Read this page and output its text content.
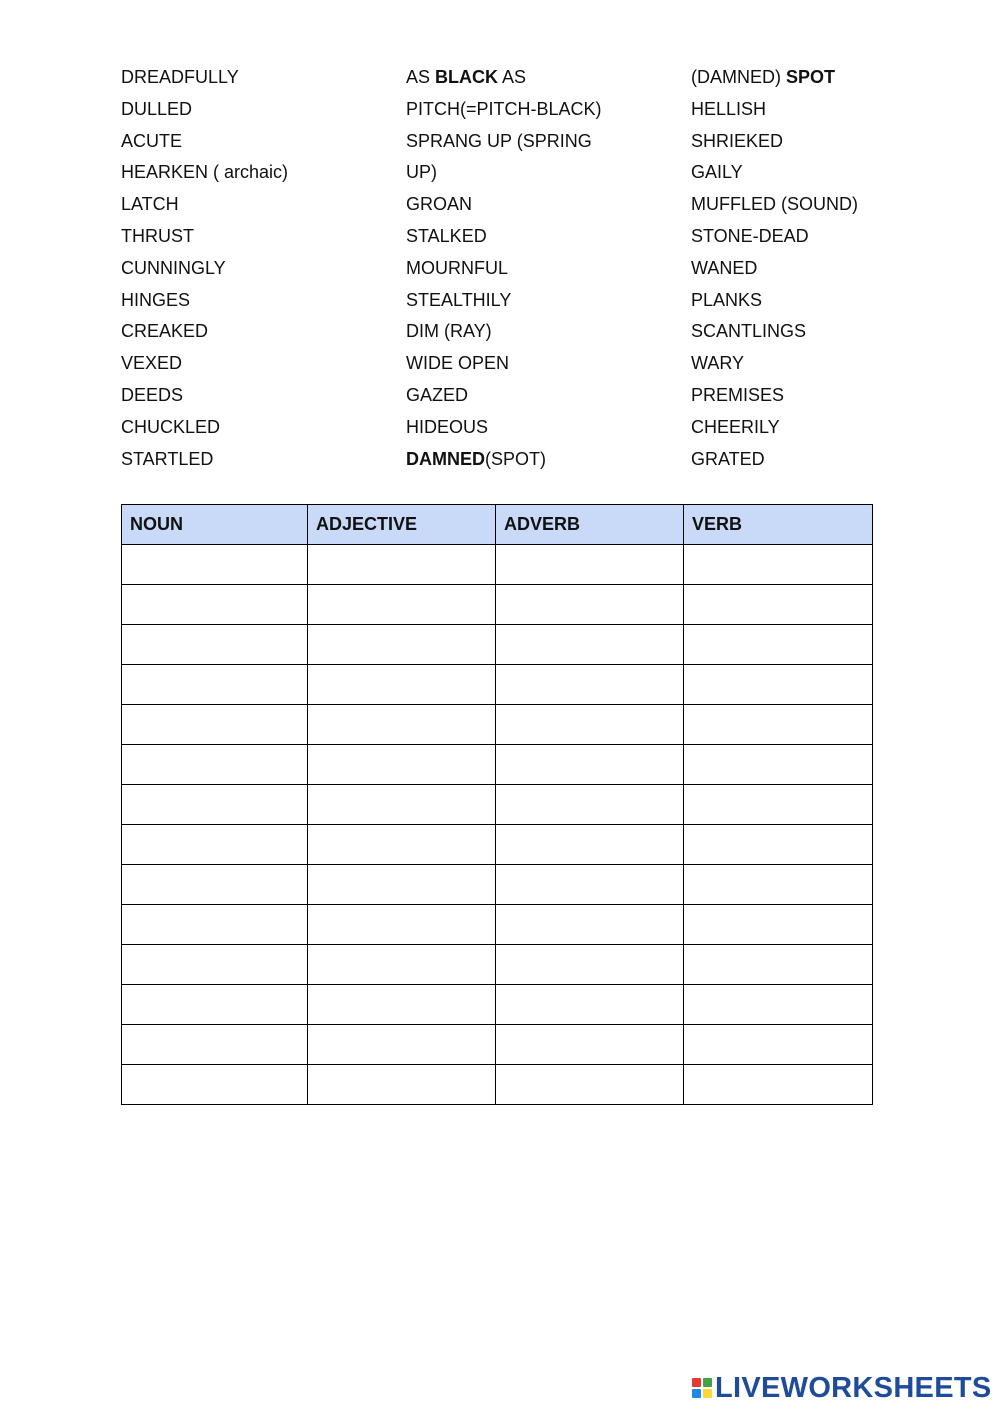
DREADFULLY
DULLED
ACUTE
HEARKEN ( archaic)
LATCH
THRUST
CUNNINGLY
HINGES
CREAKED
VEXED
DEEDS
CHUCKLED
STARTLED
AS BLACK AS
PITCH(=PITCH-BLACK)
SPRANG UP (SPRING
UP)
GROAN
STALKED
MOURNFUL
STEALTHILY
DIM (RAY)
WIDE OPEN
GAZED
HIDEOUS
DAMNED(SPOT)
(DAMNED) SPOT
HELLISH
SHRIEKED
GAILY
MUFFLED (SOUND)
STONE-DEAD
WANED
PLANKS
SCANTLINGS
WARY
PREMISES
CHEERILY
GRATED
NOUN	ADJECTIVE	ADVERB	VERB

LIVEWORKSHEETS
